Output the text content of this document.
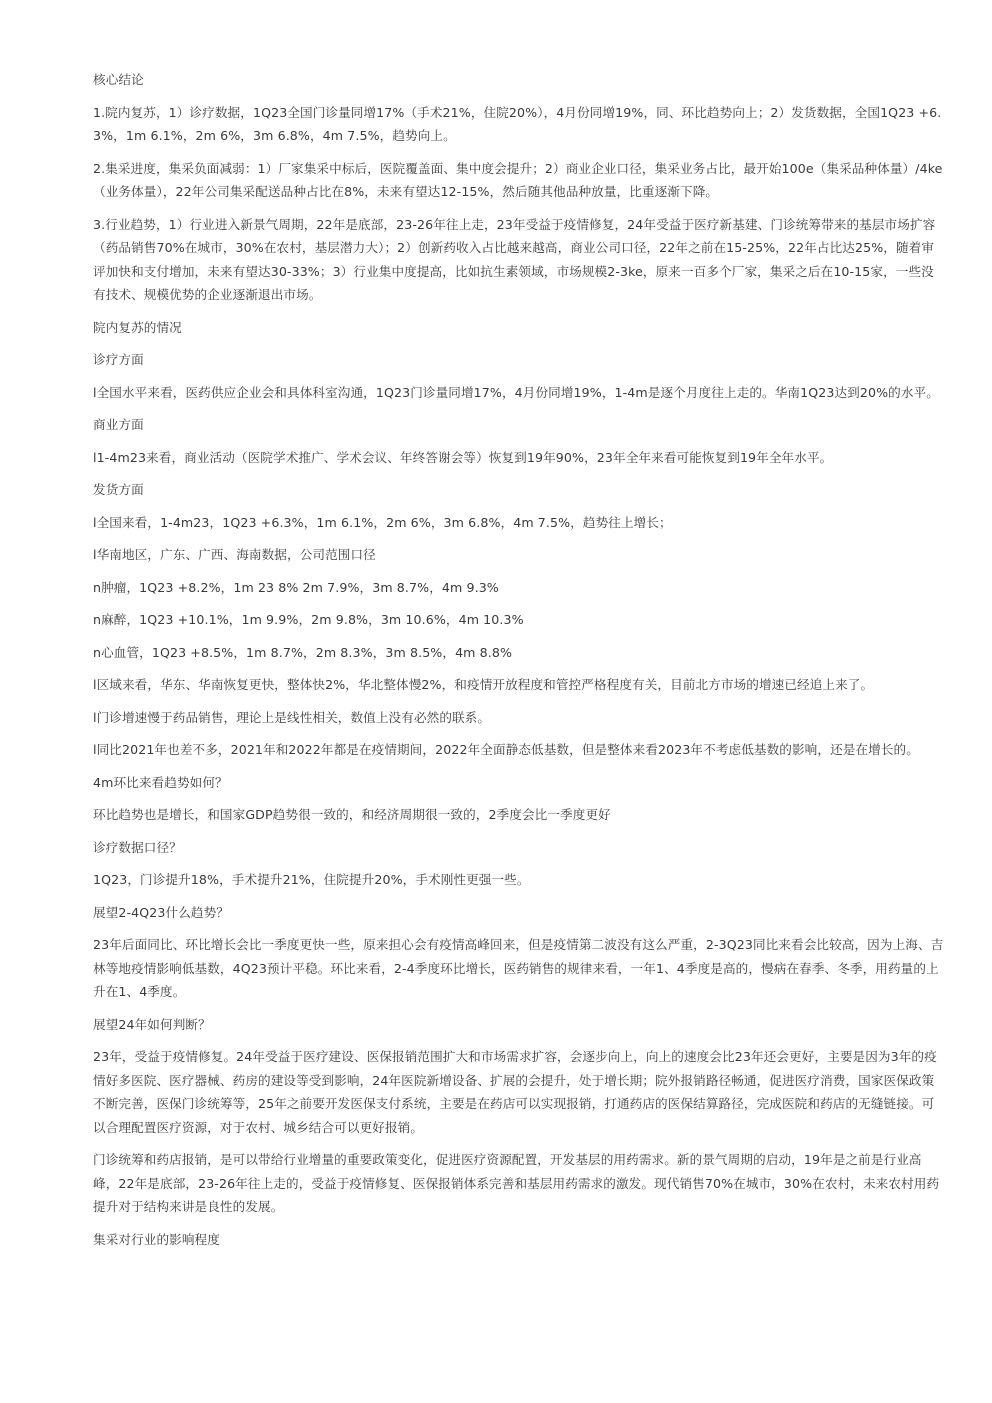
核心结论

1.院内复苏，1）诊疗数据，1Q23全国门诊量同增17%（手术21%，住院20%），4月份同增19%，同、环比趋势向上；2）发货数据，全国1Q23 +6.3%，1m 6.1%，2m 6%，3m 6.8%，4m 7.5%，趋势向上。

2.集采进度，集采负面减弱：1）厂家集采中标后，医院覆盖面、集中度会提升；2）商业企业口径，集采业务占比，最开始100e（集采品种体量）/4ke（业务体量），22年公司集采配送品种占比在8%，未来有望达12-15%，然后随其他品种放量，比重逐渐下降。

3.行业趋势，1）行业进入新景气周期，22年是底部，23-26年往上走，23年受益于疫情修复，24年受益于医疗新基建、门诊统筹带来的基层市场扩容（药品销售70%在城市，30%在农村，基层潜力大）；2）创新药收入占比越来越高，商业公司口径，22年之前在15-25%，22年占比达25%，随着审评加快和支付增加，未来有望达30-33%；3）行业集中度提高，比如抗生素领域，市场规模2-3ke，原来一百多个厂家，集采之后在10-15家，一些没有技术、规模优势的企业逐渐退出市场。

院内复苏的情况

诊疗方面

l全国水平来看，医药供应企业会和具体科室沟通，1Q23门诊量同增17%，4月份同增19%，1-4m是逐个月度往上走的。华南1Q23达到20%的水平。

商业方面

l1-4m23来看，商业活动（医院学术推广、学术会议、年终答谢会等）恢复到19年90%，23年全年来看可能恢复到19年全年水平。

发货方面

l全国来看，1-4m23，1Q23 +6.3%，1m 6.1%，2m 6%，3m 6.8%，4m 7.5%，趋势往上增长；

l华南地区，广东、广西、海南数据，公司范围口径

n肿瘤，1Q23 +8.2%，1m 23 8% 2m 7.9%，3m 8.7%，4m 9.3%

n麻醉，1Q23 +10.1%，1m 9.9%，2m 9.8%，3m 10.6%，4m 10.3%

n心血管，1Q23 +8.5%，1m 8.7%，2m 8.3%，3m 8.5%，4m 8.8%

l区域来看，华东、华南恢复更快，整体快2%，华北整体慢2%，和疫情开放程度和管控严格程度有关，目前北方市场的增速已经追上来了。

l门诊增速慢于药品销售，理论上是线性相关，数值上没有必然的联系。

l同比2021年也差不多，2021年和2022年都是在疫情期间，2022年全面静态低基数，但是整体来看2023年不考虑低基数的影响，还是在增长的。

4m环比来看趋势如何？

环比趋势也是增长，和国家GDP趋势很一致的，和经济周期很一致的，2季度会比一季度更好

诊疗数据口径？

1Q23，门诊提升18%，手术提升21%，住院提升20%，手术刚性更强一些。

展望2-4Q23什么趋势？

23年后面同比、环比增长会比一季度更快一些，原来担心会有疫情高峰回来，但是疫情第二波没有这么严重，2-3Q23同比来看会比较高，因为上海、吉林等地疫情影响低基数，4Q23预计平稳。环比来看，2-4季度环比增长，医药销售的规律来看，一年1、4季度是高的，慢病在春季、冬季，用药量的上升在1、4季度。

展望24年如何判断？

23年，受益于疫情修复。24年受益于医疗建设、医保报销范围扩大和市场需求扩容，会逐步向上，向上的速度会比23年还会更好，主要是因为3年的疫情好多医院、医疗器械、药房的建设等受到影响，24年医院新增设备、扩展的会提升，处于增长期；院外报销路径畅通，促进医疗消费，国家医保政策不断完善，医保门诊统筹等，25年之前要开发医保支付系统，主要是在药店可以实现报销，打通药店的医保结算路径，完成医院和药店的无缝链接。可以合理配置医疗资源，对于农村、城乡结合可以更好报销。

门诊统筹和药店报销，是可以带给行业增量的重要政策变化，促进医疗资源配置，开发基层的用药需求。新的景气周期的启动，19年是之前是行业高峰，22年是底部，23-26年往上走的，受益于疫情修复、医保报销体系完善和基层用药需求的激发。现代销售70%在城市，30%在农村，未来农村用药提升对于结构来讲是良性的发展。

集采对行业的影响程度
